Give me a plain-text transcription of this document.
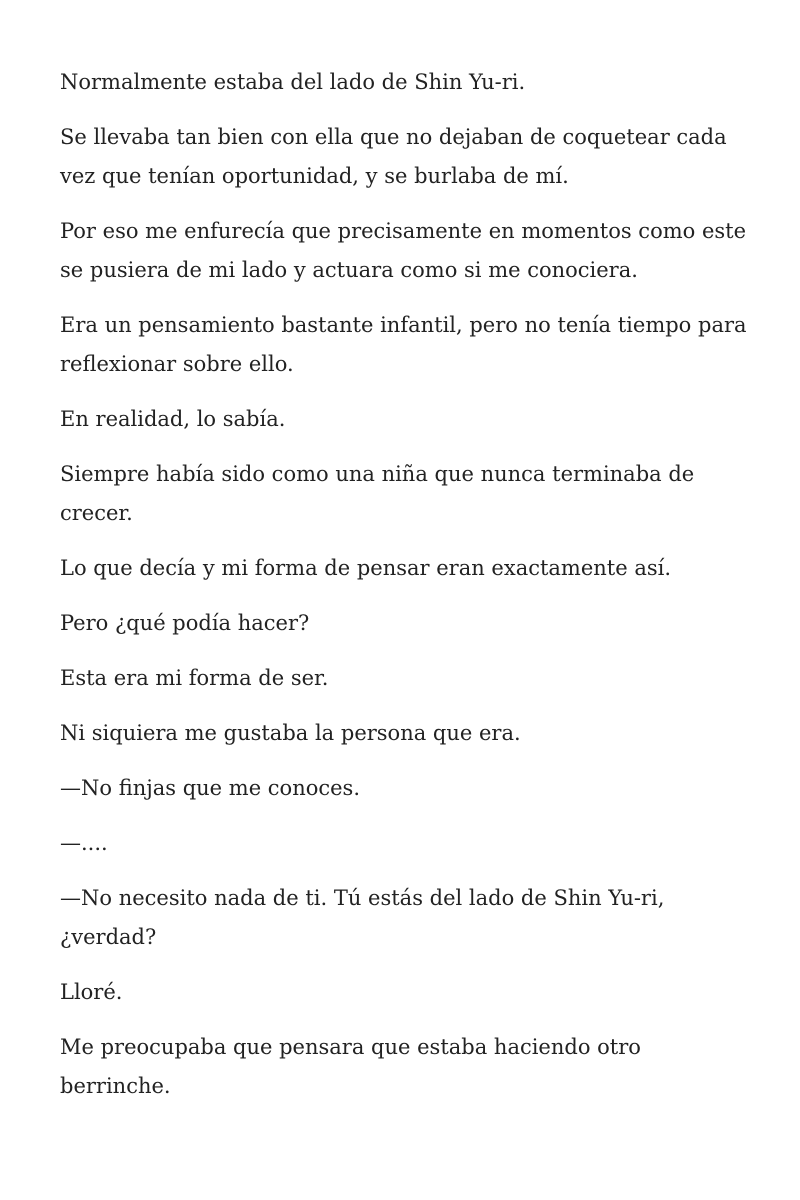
Normalmente estaba del lado de Shin Yu-ri.

Se llevaba tan bien con ella que no dejaban de coquetear cada vez que tenían oportunidad, y se burlaba de mí.

Por eso me enfurecía que precisamente en momentos como este se pusiera de mi lado y actuara como si me conociera.

Era un pensamiento bastante infantil, pero no tenía tiempo para reflexionar sobre ello.

En realidad, lo sabía.

Siempre había sido como una niña que nunca terminaba de crecer.

Lo que decía y mi forma de pensar eran exactamente así.

Pero ¿qué podía hacer?

Esta era mi forma de ser.

Ni siquiera me gustaba la persona que era.

—No finjas que me conoces.

—....

—No necesito nada de ti. Tú estás del lado de Shin Yu-ri, ¿verdad?

Lloré.

Me preocupaba que pensara que estaba haciendo otro berrinche.
